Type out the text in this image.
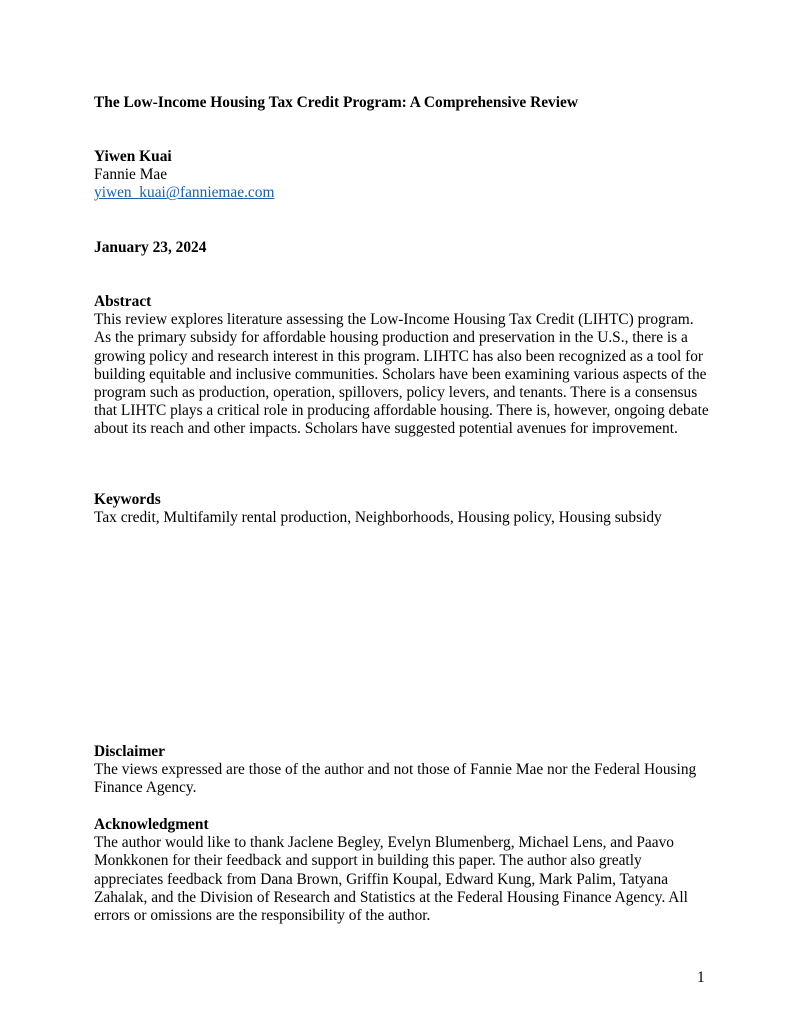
The Low-Income Housing Tax Credit Program: A Comprehensive Review
Yiwen Kuai
Fannie Mae
yiwen_kuai@fanniemae.com
January 23, 2024
Abstract

This review explores literature assessing the Low-Income Housing Tax Credit (LIHTC) program. As the primary subsidy for affordable housing production and preservation in the U.S., there is a growing policy and research interest in this program. LIHTC has also been recognized as a tool for building equitable and inclusive communities. Scholars have been examining various aspects of the program such as production, operation, spillovers, policy levers, and tenants. There is a consensus that LIHTC plays a critical role in producing affordable housing. There is, however, ongoing debate about its reach and other impacts. Scholars have suggested potential avenues for improvement.

Keywords

Tax credit, Multifamily rental production, Neighborhoods, Housing policy, Housing subsidy

Disclaimer

The views expressed are those of the author and not those of Fannie Mae nor the Federal Housing Finance Agency.

Acknowledgment

The author would like to thank Jaclene Begley, Evelyn Blumenberg, Michael Lens, and Paavo Monkkonen for their feedback and support in building this paper. The author also greatly appreciates feedback from Dana Brown, Griffin Koupal, Edward Kung, Mark Palim, Tatyana Zahalak, and the Division of Research and Statistics at the Federal Housing Finance Agency. All errors or omissions are the responsibility of the author.

1
